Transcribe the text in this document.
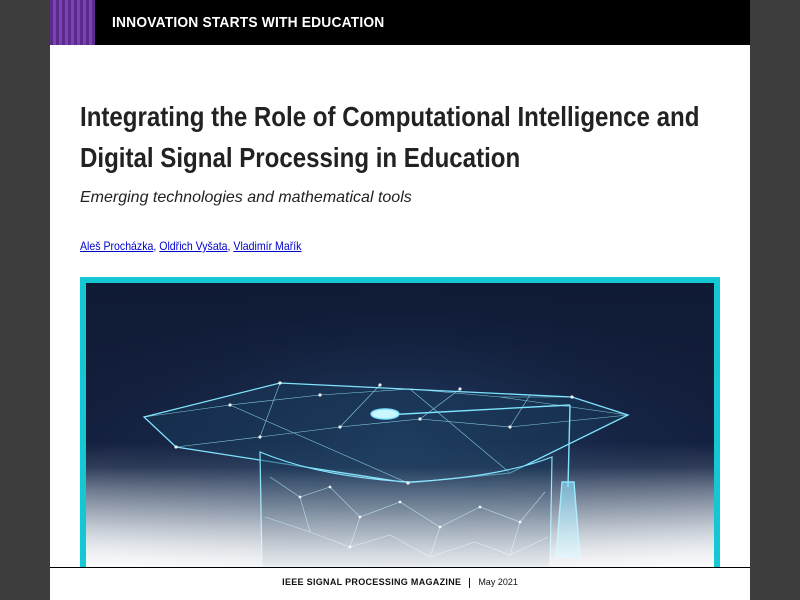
INNOVATION STARTS WITH EDUCATION
Integrating the Role of Computational Intelligence and Digital Signal Processing in Education

Emerging technologies and mathematical tools

Aleš Procházka, Oldřich Vyšata, Vladimír Mařík
IEEE SIGNAL PROCESSING MAGAZINE May 2021
